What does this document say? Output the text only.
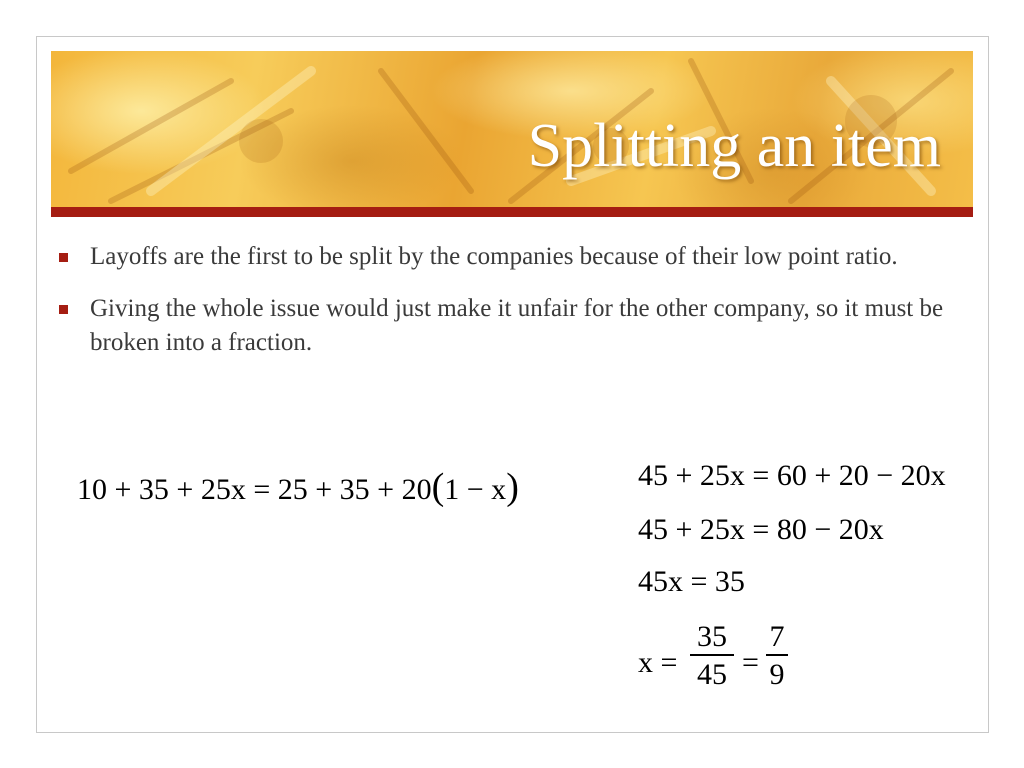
Splitting an item
Layoffs are the first to be split by the companies because of their low point ratio.
Giving the whole issue would just make it unfair for the other company, so it must be broken into a fraction.
10 + 35 + 25x = 25 + 35 + 20(1 − x)	45 + 25x = 60 + 20 − 20x
45 + 25x = 80 − 20x
45x = 35
x =
35
45 =
7
9
